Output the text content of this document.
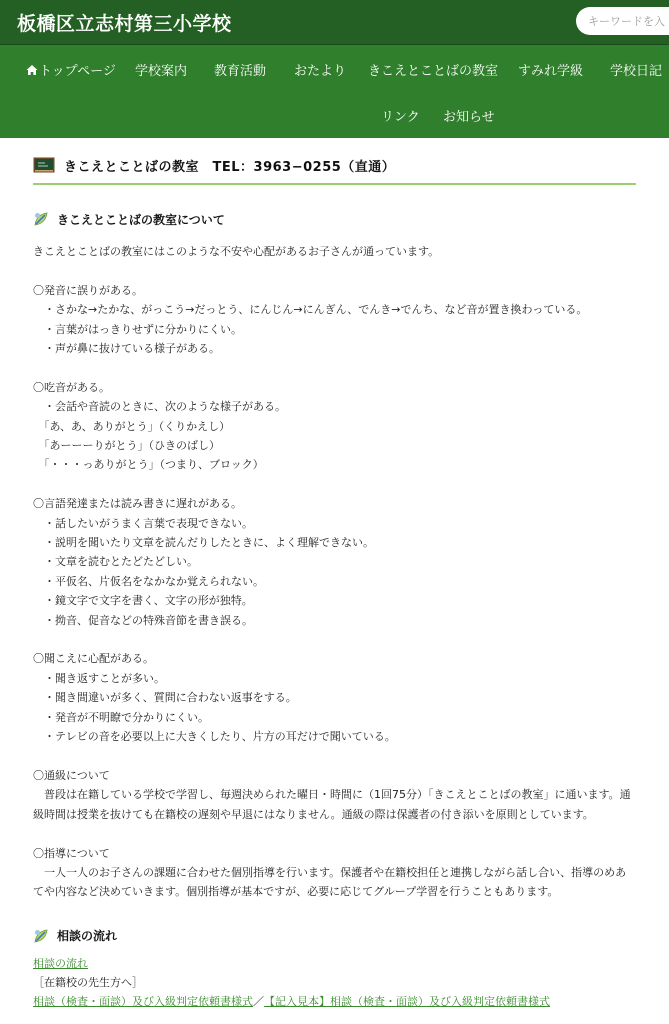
板橋区立志村第三小学校
キーワードを入
トップページ 学校案内 教育活動 おたより きこえとことばの教室 すみれ学級 学校日記
リンク お知らせ
きこえとことばの教室　TEL：3963−0255（直通）
きこえとことばの教室について
きこえとことばの教室にはこのような不安や心配があるお子さんが通っています。
〇発音に誤りがある。
　・さかな→たかな、がっこう→だっとう、にんじん→にんぎん、でんき→でんち、など音が置き換わっている。
　・言葉がはっきりせずに分かりにくい。
　・声が鼻に抜けている様子がある。
〇吃音がある。
　・会話や音読のときに、次のような様子がある。
　「あ、あ、ありがとう」（くりかえし）
　「あーーーりがとう」（ひきのばし）
　「・・・っありがとう」（つまり、ブロック）
〇言語発達または読み書きに遅れがある。
　・話したいがうまく言葉で表現できない。
　・説明を聞いたり文章を読んだりしたときに、よく理解できない。
　・文章を読むとたどたどしい。
　・平仮名、片仮名をなかなか覚えられない。
　・鏡文字で文字を書く、文字の形が独特。
　・拗音、促音などの特殊音節を書き誤る。
〇聞こえに心配がある。
　・聞き返すことが多い。
　・聞き間違いが多く、質問に合わない返事をする。
　・発音が不明瞭で分かりにくい。
　・テレビの音を必要以上に大きくしたり、片方の耳だけで聞いている。
〇通級について
　普段は在籍している学校で学習し、毎週決められた曜日・時間に（1回75分）「きこえとことばの教室」に通います。通級時間は授業を抜けても在籍校の遅刻や早退にはなりません。通級の際は保護者の付き添いを原則としています。
〇指導について
　一人一人のお子さんの課題に合わせた個別指導を行います。保護者や在籍校担任と連携しながら話し合い、指導のめあてや内容など決めていきます。個別指導が基本ですが、必要に応じてグループ学習を行うこともあります。
相談の流れ
相談の流れ
［在籍校の先生方へ］
相談（検査・面談）及び入級判定依頼書様式／【記入見本】相談（検査・面談）及び入級判定依頼書様式
